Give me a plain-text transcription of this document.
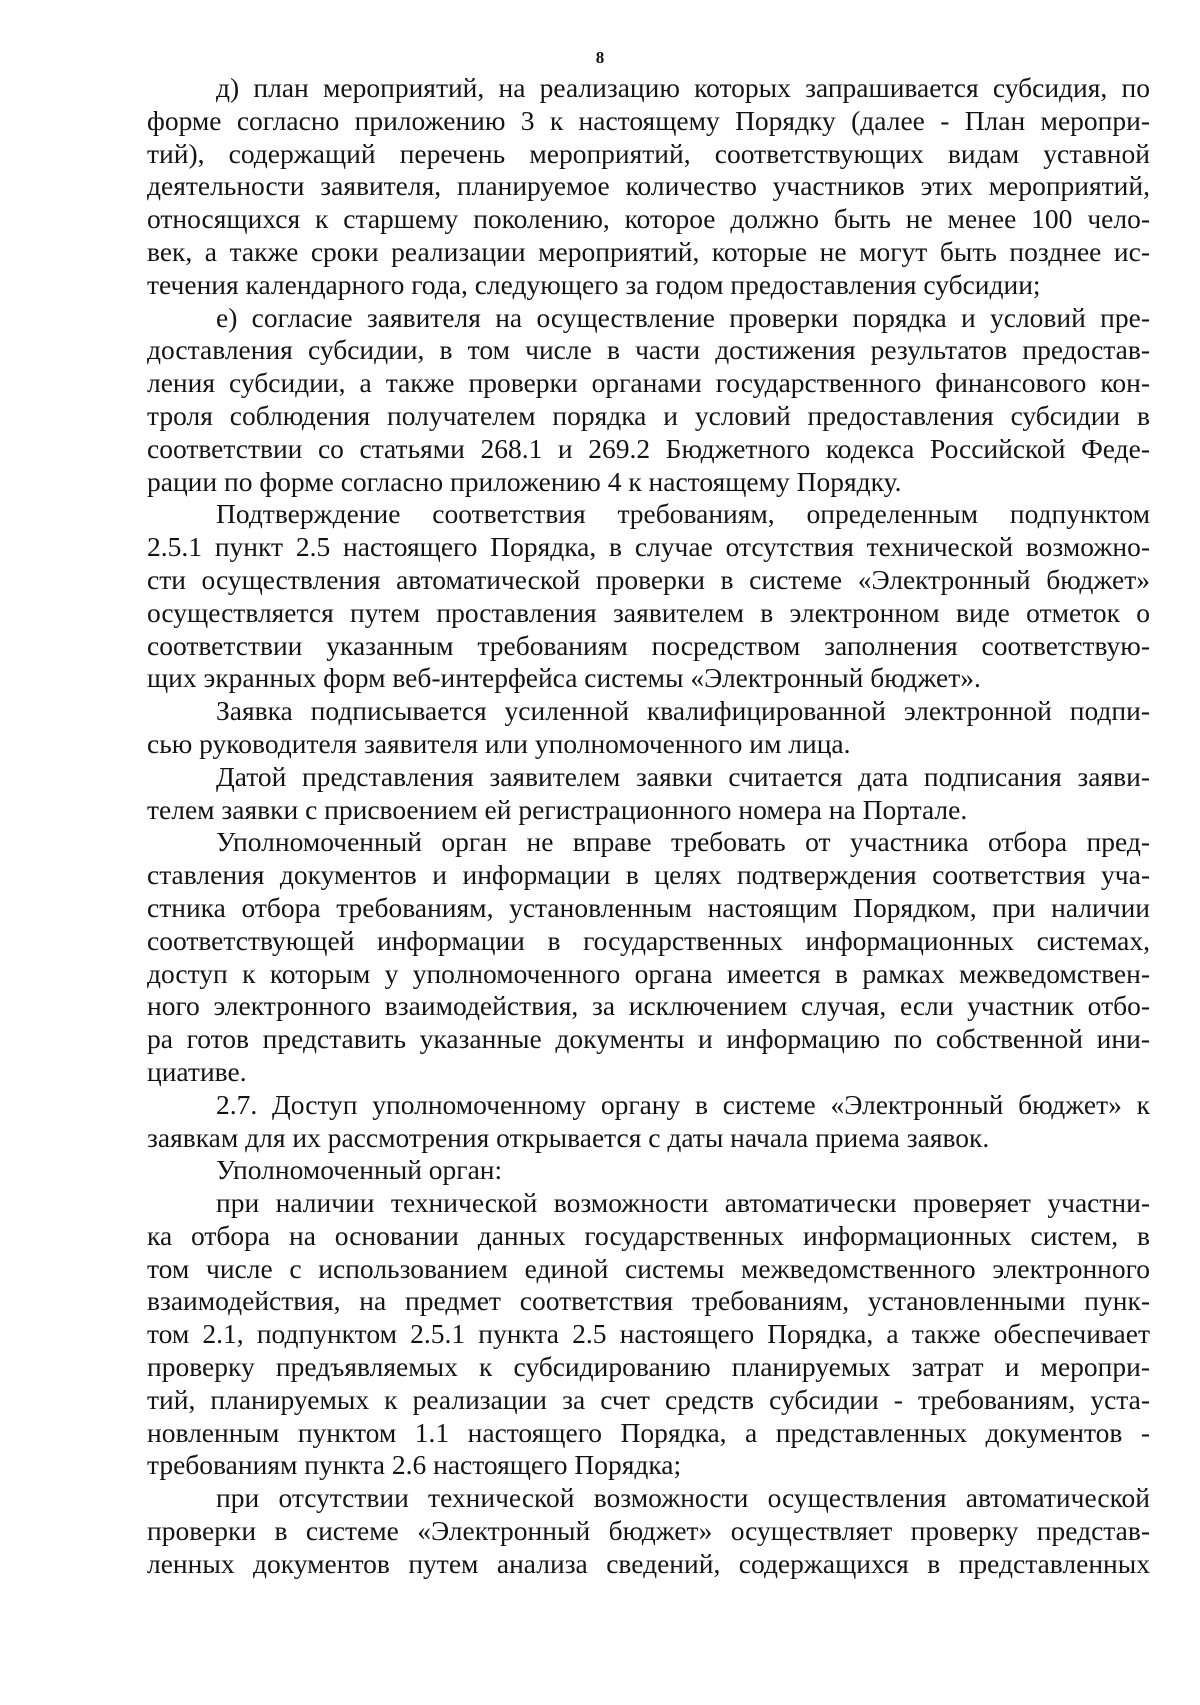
8
д) план мероприятий, на реализацию которых запрашивается субсидия, по
форме согласно приложению 3 к настоящему Порядку (далее - План меропри-
тий), содержащий перечень мероприятий, соответствующих видам уставной
деятельности заявителя, планируемое количество участников этих мероприятий,
относящихся к старшему поколению, которое должно быть не менее 100 чело-
век, а также сроки реализации мероприятий, которые не могут быть позднее ис-
течения календарного года, следующего за годом предоставления субсидии;
е) согласие заявителя на осуществление проверки порядка и условий пре-
доставления субсидии, в том числе в части достижения результатов предостав-
ления субсидии, а также проверки органами государственного финансового кон-
троля соблюдения получателем порядка и условий предоставления субсидии в
соответствии со статьями 268.1 и 269.2 Бюджетного кодекса Российской Феде-
рации по форме согласно приложению 4 к настоящему Порядку.
Подтверждение соответствия требованиям, определенным подпунктом
2.5.1 пункт 2.5 настоящего Порядка, в случае отсутствия технической возможно-
сти осуществления автоматической проверки в системе «Электронный бюджет»
осуществляется путем проставления заявителем в электронном виде отметок о
соответствии указанным требованиям посредством заполнения соответствую-
щих экранных форм веб-интерфейса системы «Электронный бюджет».
Заявка подписывается усиленной квалифицированной электронной подпи-
сью руководителя заявителя или уполномоченного им лица.
Датой представления заявителем заявки считается дата подписания заяви-
телем заявки с присвоением ей регистрационного номера на Портале.
Уполномоченный орган не вправе требовать от участника отбора пред-
ставления документов и информации в целях подтверждения соответствия уча-
стника отбора требованиям, установленным настоящим Порядком, при наличии
соответствующей информации в государственных информационных системах,
доступ к которым у уполномоченного органа имеется в рамках межведомствен-
ного электронного взаимодействия, за исключением случая, если участник отбо-
ра готов представить указанные документы и информацию по собственной ини-
циативе.
2.7. Доступ уполномоченному органу в системе «Электронный бюджет» к
заявкам для их рассмотрения открывается с даты начала приема заявок.
Уполномоченный орган:
при наличии технической возможности автоматически проверяет участни-
ка отбора на основании данных государственных информационных систем, в
том числе с использованием единой системы межведомственного электронного
взаимодействия, на предмет соответствия требованиям, установленными пунк-
том 2.1, подпунктом 2.5.1 пункта 2.5 настоящего Порядка, а также обеспечивает
проверку предъявляемых к субсидированию планируемых затрат и меропри-
тий, планируемых к реализации за счет средств субсидии - требованиям, уста-
новленным пунктом 1.1 настоящего Порядка, а представленных документов -
требованиям пункта 2.6 настоящего Порядка;
при отсутствии технической возможности осуществления автоматической
проверки в системе «Электронный бюджет» осуществляет проверку представ-
ленных документов путем анализа сведений, содержащихся в представленных
